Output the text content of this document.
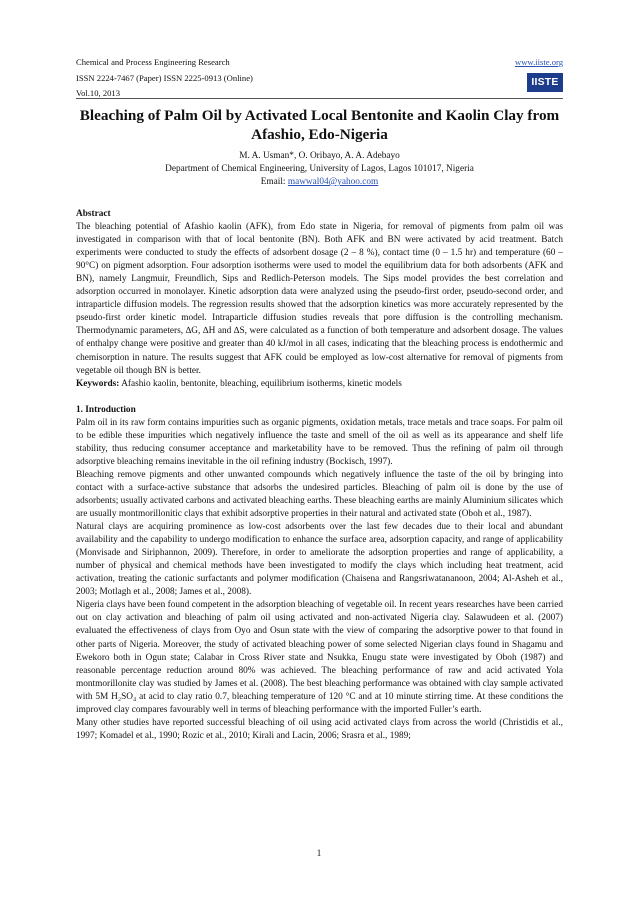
Chemical and Process Engineering Research
ISSN 2224-7467 (Paper) ISSN 2225-0913 (Online)
Vol.10, 2013
www.iiste.org
IISTE
Bleaching of Palm Oil by Activated Local Bentonite and Kaolin Clay from Afashio, Edo-Nigeria
M. A. Usman*, O. Oribayo, A. A. Adebayo
Department of Chemical Engineering, University of Lagos, Lagos 101017, Nigeria
Email: mawwal04@yahoo.com

Abstract

The bleaching potential of Afashio kaolin (AFK), from Edo state in Nigeria, for removal of pigments from palm oil was investigated in comparison with that of local bentonite (BN). Both AFK and BN were activated by acid treatment. Batch experiments were conducted to study the effects of adsorbent dosage (2 – 8 %), contact time (0 – 1.5 hr) and temperature (60 – 90°C) on pigment adsorption. Four adsorption isotherms were used to model the equilibrium data for both adsorbents (AFK and BN), namely Langmuir, Freundlich, Sips and Redlich-Peterson models. The Sips model provides the best correlation and adsorption occurred in monolayer. Kinetic adsorption data were analyzed using the pseudo-first order, pseudo-second order, and intraparticle diffusion models. The regression results showed that the adsorption kinetics was more accurately represented by the pseudo-first order kinetic model. Intraparticle diffusion studies reveals that pore diffusion is the controlling mechanism. Thermodynamic parameters, ∆G, ∆H and ∆S, were calculated as a function of both temperature and adsorbent dosage. The values of enthalpy change were positive and greater than 40 kJ/mol in all cases, indicating that the bleaching process is endothermic and chemisorption in nature. The results suggest that AFK could be employed as low-cost alternative for removal of pigments from vegetable oil though BN is better.

Keywords: Afashio kaolin, bentonite, bleaching, equilibrium isotherms, kinetic models

1. Introduction

Palm oil in its raw form contains impurities such as organic pigments, oxidation metals, trace metals and trace soaps. For palm oil to be edible these impurities which negatively influence the taste and smell of the oil as well as its appearance and shelf life stability, thus reducing consumer acceptance and marketability have to be removed. Thus the refining of palm oil through adsorptive bleaching remains inevitable in the oil refining industry (Bockisch, 1997).

Bleaching remove pigments and other unwanted compounds which negatively influence the taste of the oil by bringing into contact with a surface-active substance that adsorbs the undesired particles. Bleaching of palm oil is done by the use of adsorbents; usually activated carbons and activated bleaching earths. These bleaching earths are mainly Aluminium silicates which are usually montmorillonitic clays that exhibit adsorptive properties in their natural and activated state (Oboh et al., 1987).

Natural clays are acquiring prominence as low-cost adsorbents over the last few decades due to their local and abundant availability and the capability to undergo modification to enhance the surface area, adsorption capacity, and range of applicability (Monvisade and Siriphannon, 2009). Therefore, in order to ameliorate the adsorption properties and range of applicability, a number of physical and chemical methods have been investigated to modify the clays which including heat treatment, acid activation, treating the cationic surfactants and polymer modification (Chaisena and Rangsriwatananoon, 2004; Al-Asheh et al., 2003; Motlagh et al., 2008; James et al., 2008).

Nigeria clays have been found competent in the adsorption bleaching of vegetable oil. In recent years researches have been carried out on clay activation and bleaching of palm oil using activated and non-activated Nigeria clay. Salawudeen et al. (2007) evaluated the effectiveness of clays from Oyo and Osun state with the view of comparing the adsorptive power to that found in other parts of Nigeria. Moreover, the study of activated bleaching power of some selected Nigerian clays found in Shagamu and Ewekoro both in Ogun state; Calabar in Cross River state and Nsukka, Enugu state were investigated by Oboh (1987) and reasonable percentage reduction around 80% was achieved. The bleaching performance of raw and acid activated Yola montmorillonite clay was studied by James et al. (2008). The best bleaching performance was obtained with clay sample activated with 5M H₂SO₄ at acid to clay ratio 0.7, bleaching temperature of 120 °C and at 10 minute stirring time. At these conditions the improved clay compares favourably well in terms of bleaching performance with the imported Fuller’s earth.

Many other studies have reported successful bleaching of oil using acid activated clays from across the world (Christidis et al., 1997; Komadel et al., 1990; Rozic et al., 2010; Kirali and Lacin, 2006; Srasra et al., 1989;

1
